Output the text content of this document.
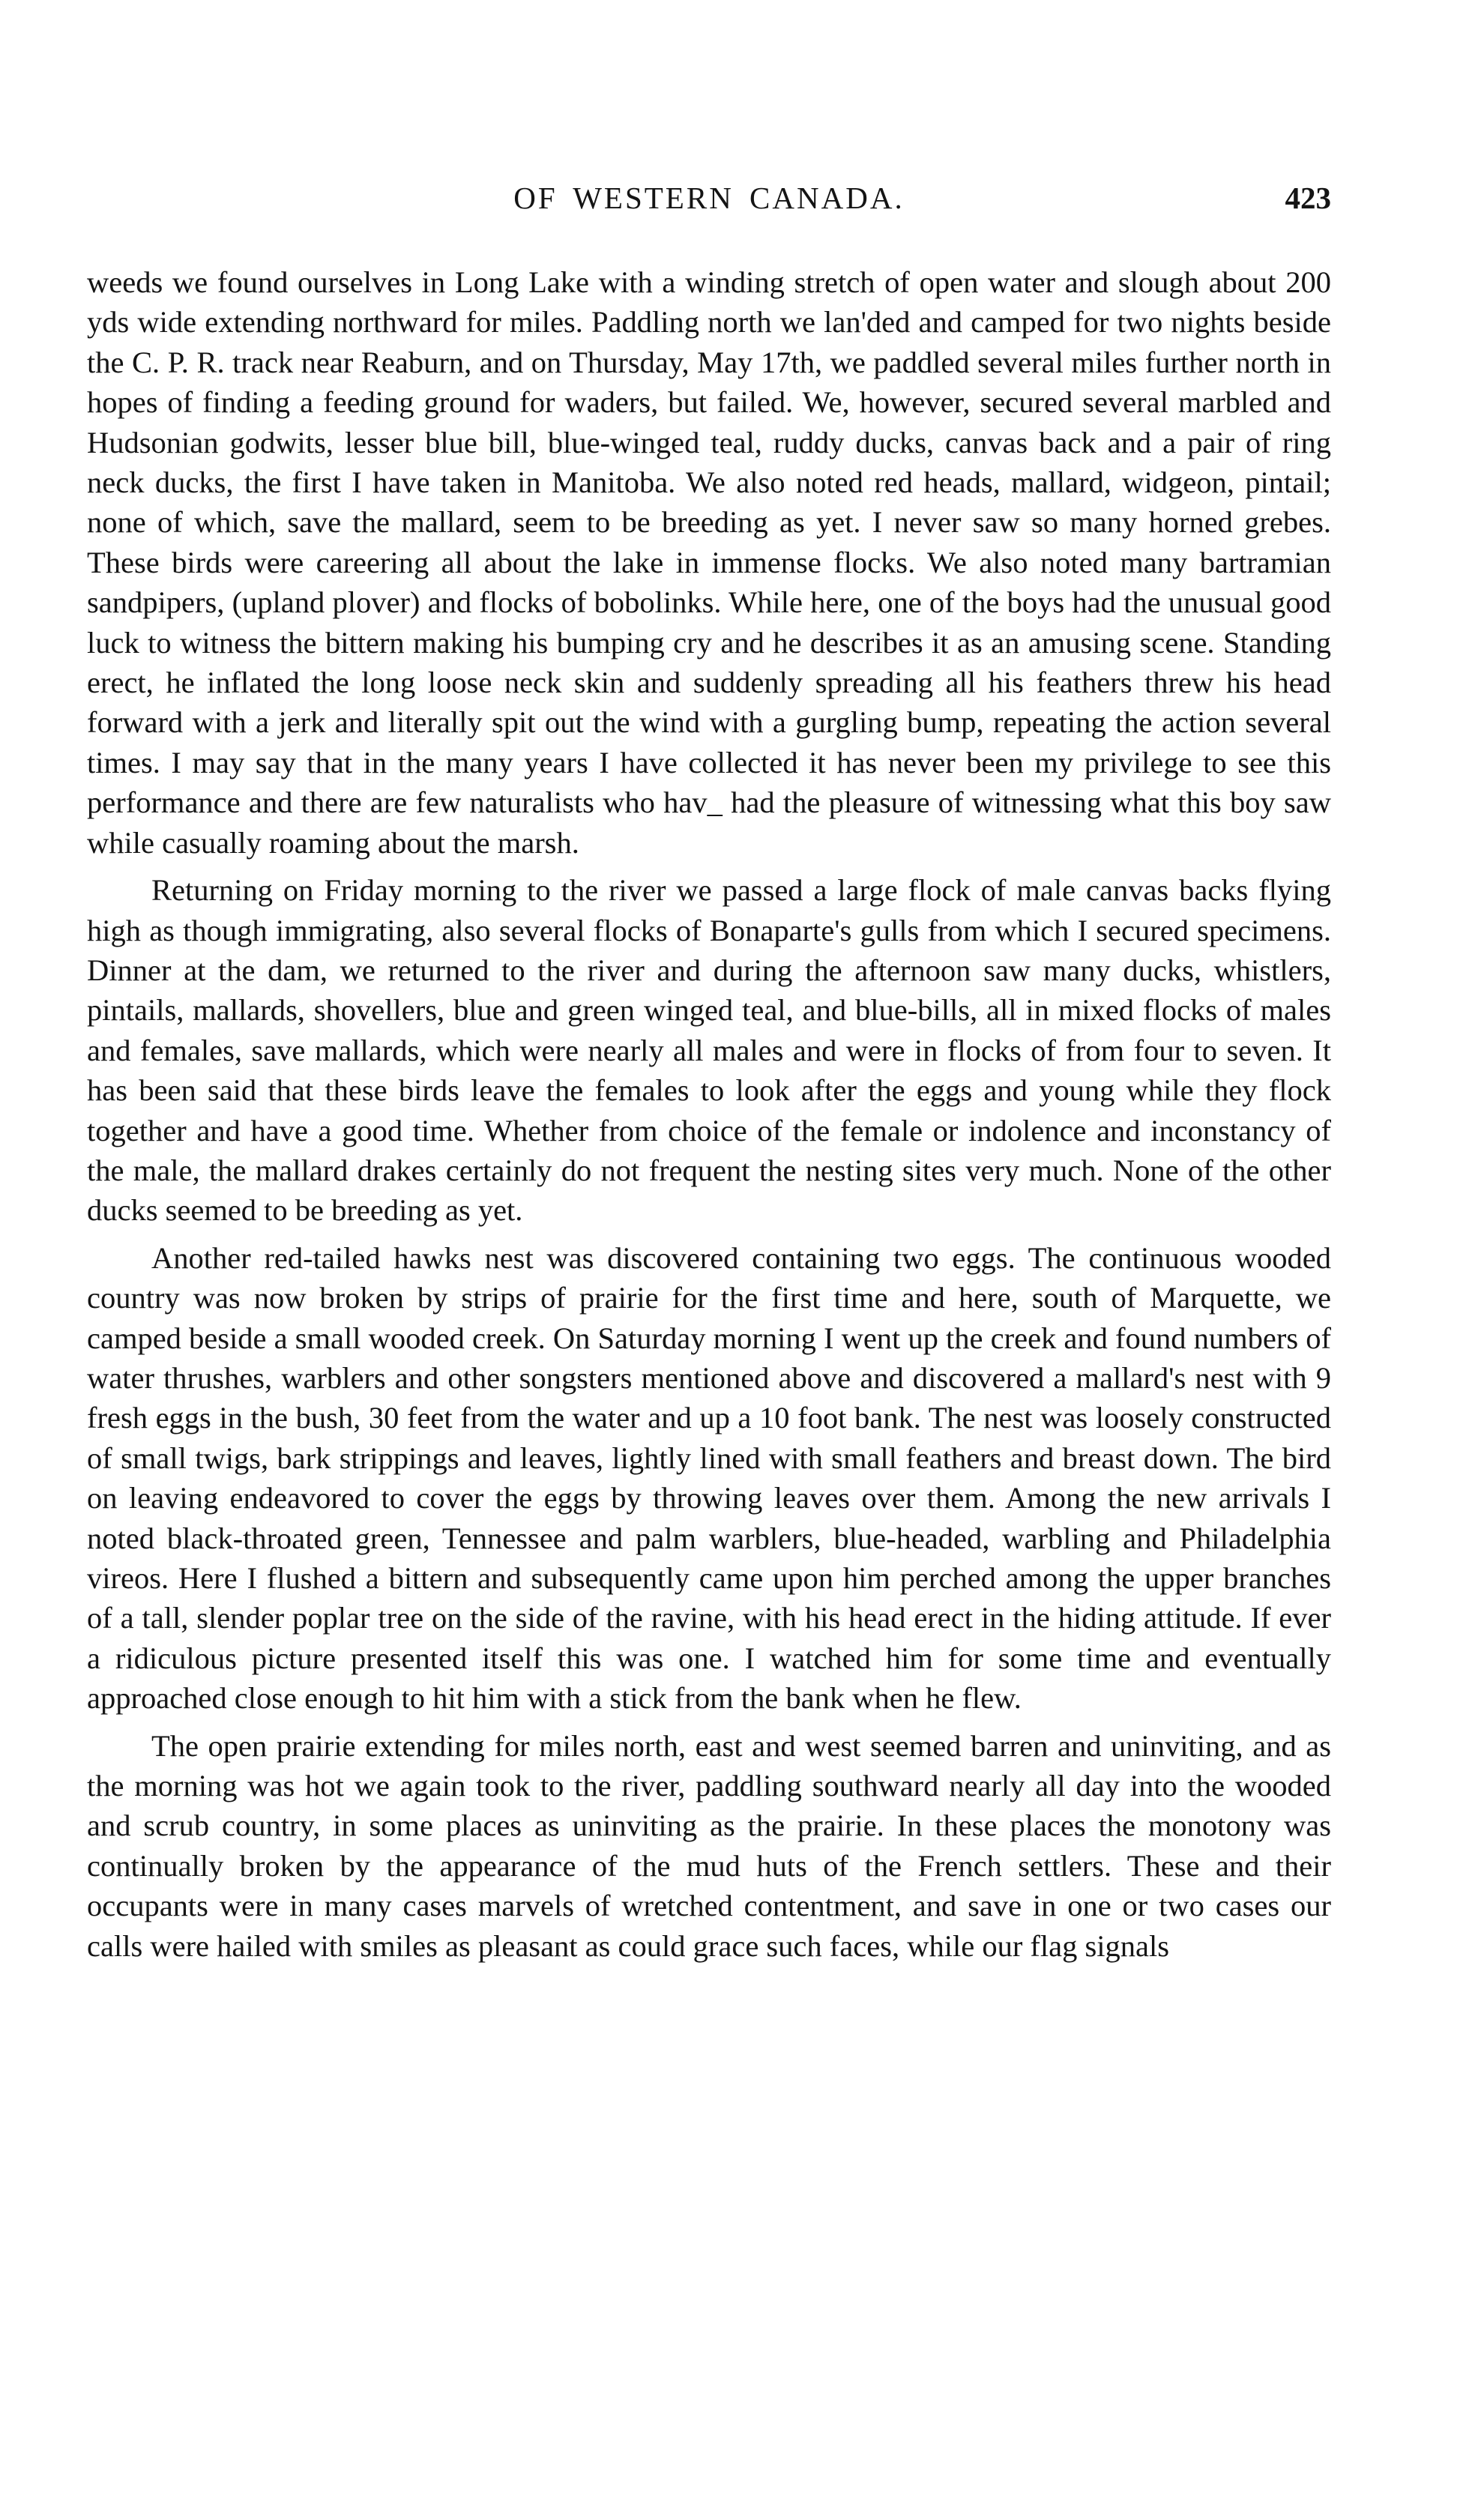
OF WESTERN CANADA.	423

weeds we found ourselves in Long Lake with a winding stretch of open water and slough about 200 yds wide extending northward for miles. Paddling north we lan'ded and camped for two nights beside the C. P. R. track near Reaburn, and on Thursday, May 17th, we paddled several miles further north in hopes of finding a feeding ground for waders, but failed. We, however, secured several marbled and Hudsonian godwits, lesser blue bill, blue-winged teal, ruddy ducks, canvas back and a pair of ring neck ducks, the first I have taken in Manitoba. We also noted red heads, mallard, widgeon, pintail; none of which, save the mallard, seem to be breeding as yet. I never saw so many horned grebes. These birds were careering all about the lake in immense flocks. We also noted many bartramian sandpipers, (upland plover) and flocks of bobolinks. While here, one of the boys had the unusual good luck to witness the bittern making his bumping cry and he describes it as an amusing scene. Standing erect, he inflated the long loose neck skin and suddenly spreading all his feathers threw his head forward with a jerk and literally spit out the wind with a gurgling bump, repeating the action several times. I may say that in the many years I have collected it has never been my privilege to see this performance and there are few naturalists who hav_ had the pleasure of witnessing what this boy saw while casually roaming about the marsh.

Returning on Friday morning to the river we passed a large flock of male canvas backs flying high as though immigrating, also several flocks of Bonaparte's gulls from which I secured specimens. Dinner at the dam, we returned to the river and during the afternoon saw many ducks, whistlers, pintails, mallards, shovellers, blue and green winged teal, and blue-bills, all in mixed flocks of males and females, save mallards, which were nearly all males and were in flocks of from four to seven. It has been said that these birds leave the females to look after the eggs and young while they flock together and have a good time. Whether from choice of the female or indolence and inconstancy of the male, the mallard drakes certainly do not frequent the nesting sites very much. None of the other ducks seemed to be breeding as yet.

Another red-tailed hawks nest was discovered containing two eggs. The continuous wooded country was now broken by strips of prairie for the first time and here, south of Marquette, we camped beside a small wooded creek. On Saturday morning I went up the creek and found numbers of water thrushes, warblers and other songsters mentioned above and discovered a mallard's nest with 9 fresh eggs in the bush, 30 feet from the water and up a 10 foot bank. The nest was loosely constructed of small twigs, bark strippings and leaves, lightly lined with small feathers and breast down. The bird on leaving endeavored to cover the eggs by throwing leaves over them. Among the new arrivals I noted black-throated green, Tennessee and palm warblers, blue-headed, warbling and Philadelphia vireos. Here I flushed a bittern and subsequently came upon him perched among the upper branches of a tall, slender poplar tree on the side of the ravine, with his head erect in the hiding attitude. If ever a ridiculous picture presented itself this was one. I watched him for some time and eventually approached close enough to hit him with a stick from the bank when he flew.

The open prairie extending for miles north, east and west seemed barren and uninviting, and as the morning was hot we again took to the river, paddling southward nearly all day into the wooded and scrub country, in some places as uninviting as the prairie. In these places the monotony was continually broken by the appearance of the mud huts of the French settlers. These and their occupants were in many cases marvels of wretched contentment, and save in one or two cases our calls were hailed with smiles as pleasant as could grace such faces, while our flag signals
